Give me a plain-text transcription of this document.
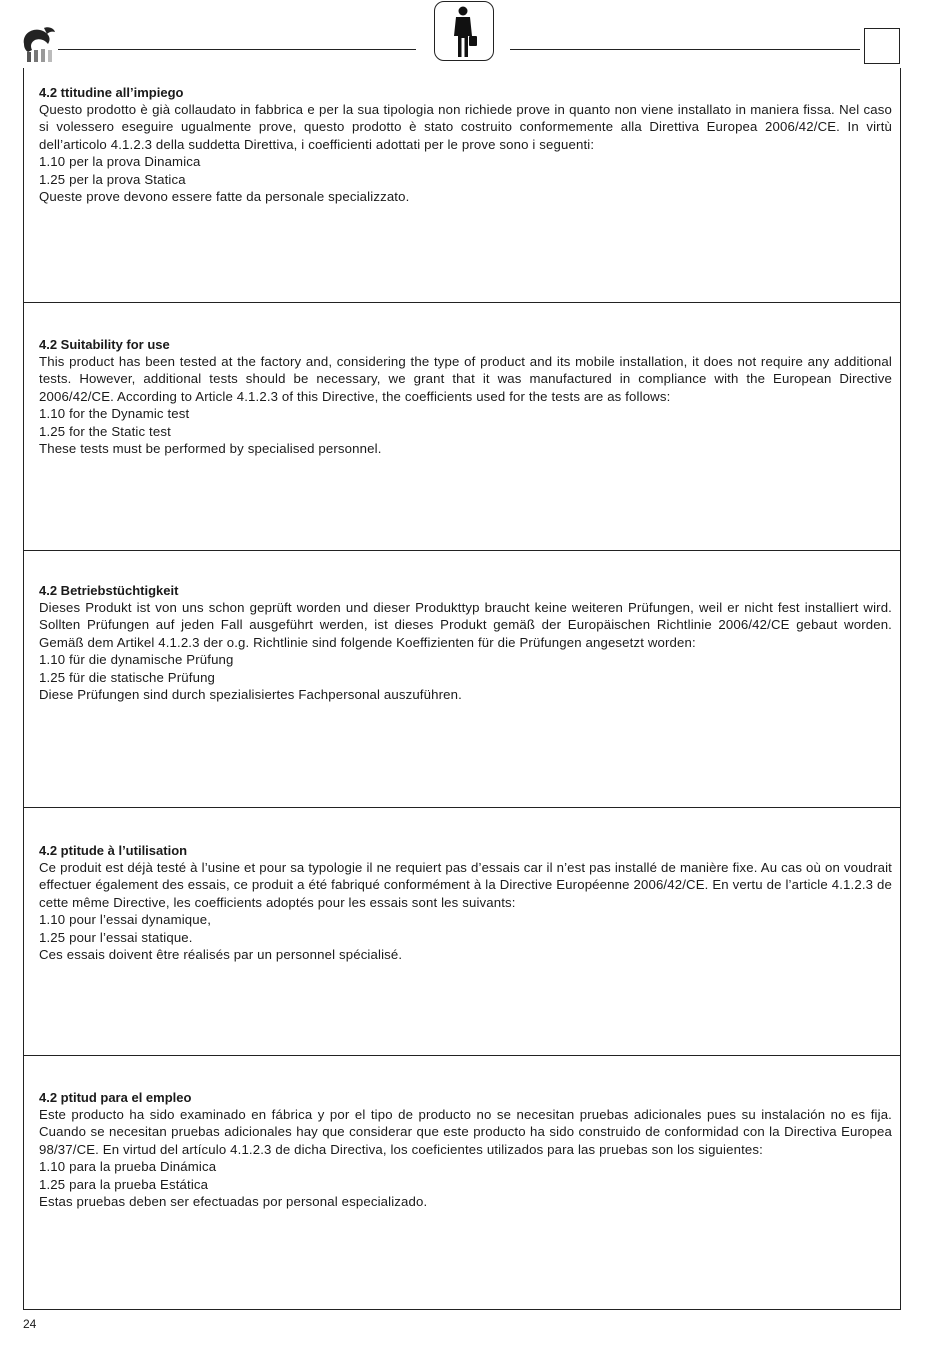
4.2 ttitudine all’impiego

Questo prodotto è già collaudato in fabbrica e per la sua tipologia non richiede prove in quanto non viene installato in maniera fissa. Nel caso si volessero eseguire ugualmente prove, questo prodotto è stato costruito conformemente alla Direttiva Europea 2006/42/CE. In virtù dell’articolo 4.1.2.3 della suddetta Direttiva, i coefficienti adottati per le prove sono i seguenti:

1.10 per la prova Dinamica

1.25 per la prova Statica

Queste prove devono essere fatte da personale specializzato.

4.2 Suitability for use

This product has been tested at the factory and, considering the type of product and its mobile installation, it does not require any additional tests. However, additional tests should be necessary, we grant that it was manufactured in compliance with the European Directive 2006/42/CE. According to Article 4.1.2.3 of this Directive, the coefficients used for the tests are as follows:

1.10 for the Dynamic test

1.25 for the Static test

These tests must be performed by specialised personnel.

4.2 Betriebstüchtigkeit

Dieses Produkt ist von uns schon geprüft worden und dieser Produkttyp braucht keine weiteren Prüfungen, weil er nicht fest installiert wird. Sollten Prüfungen auf jeden Fall ausgeführt werden, ist dieses Produkt gemäß der Europäischen Richtlinie 2006/42/CE gebaut worden. Gemäß dem Artikel 4.1.2.3 der o.g. Richtlinie sind folgende Koeffizienten für die Prüfungen angesetzt worden:

1.10 für die dynamische Prüfung

1.25 für die statische Prüfung

Diese Prüfungen sind durch spezialisiertes Fachpersonal auszuführen.

4.2 ptitude à l’utilisation

Ce produit est déjà testé à l’usine et pour sa typologie il ne requiert pas d’essais car il n’est pas installé de manière fixe. Au cas où on voudrait effectuer également des essais, ce produit a été fabriqué conformément à la Directive Européenne 2006/42/CE. En vertu de l’article 4.1.2.3 de cette même Directive, les coefficients adoptés pour les essais sont les suivants:

1.10 pour l’essai dynamique,

1.25 pour l’essai statique.

Ces essais doivent être réalisés par un personnel spécialisé.

4.2 ptitud para el empleo

Este producto ha sido examinado en fábrica y por el tipo de producto no se necesitan pruebas adicionales pues su instalación no es fija. Cuando se necesitan pruebas adicionales hay que considerar que este producto ha sido construido de conformidad con la Directiva Europea 98/37/CE. En virtud del artículo 4.1.2.3 de dicha Directiva, los coeficientes utilizados para las pruebas son los siguientes:

1.10 para la prueba Dinámica

1.25 para la prueba Estática

Estas pruebas deben ser efectuadas por personal especializado.

24
